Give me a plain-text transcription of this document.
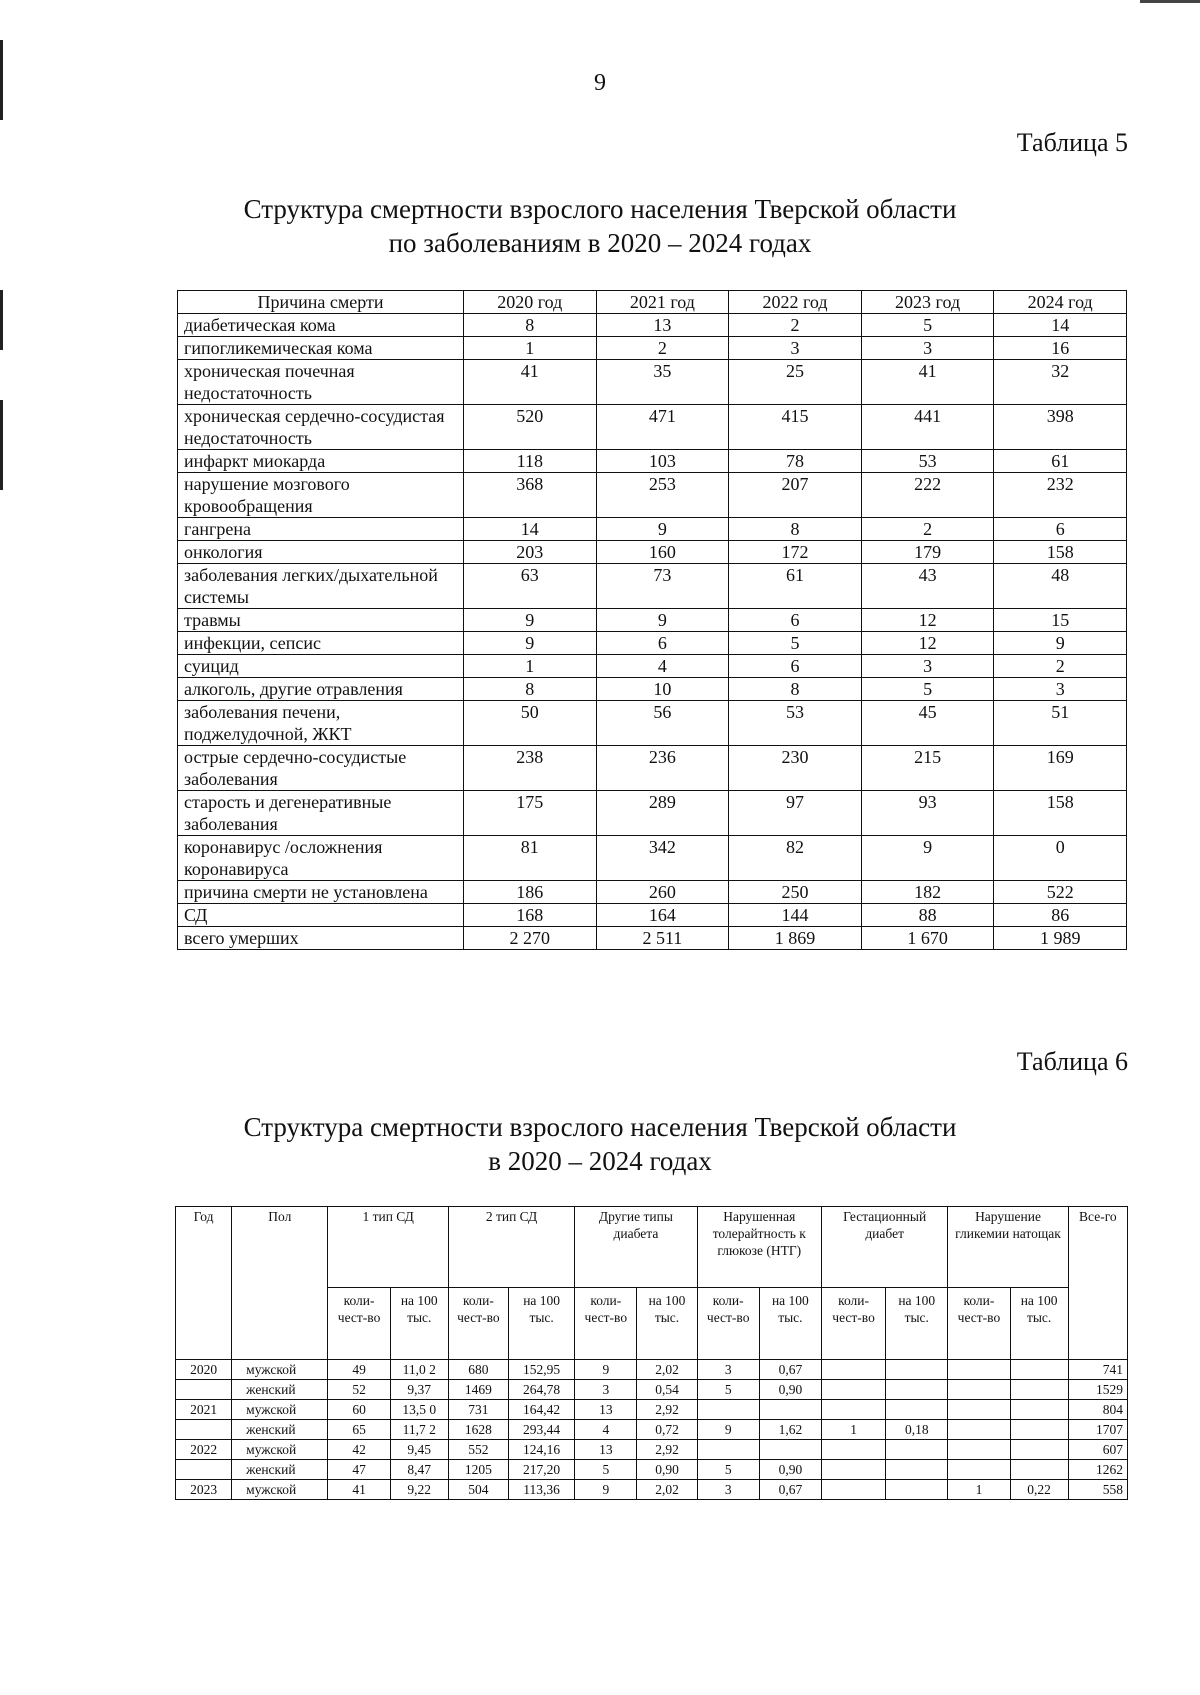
9
Таблица 5
Структура смертности взрослого населения Тверской области
по заболеваниям в 2020 – 2024 годах
Причина смерти	2020 год	2021 год	2022 год	2023 год	2024 год
диабетическая кома	8	13	2	5	14
гипогликемическая кома	1	2	3	3	16
хроническая почечная недостаточность	41	35	25	41	32
хроническая сердечно-сосудистая недостаточность	520	471	415	441	398
инфаркт миокарда	118	103	78	53	61
нарушение мозгового кровообращения	368	253	207	222	232
гангрена	14	9	8	2	6
онкология	203	160	172	179	158
заболевания легких/дыхательной системы	63	73	61	43	48
травмы	9	9	6	12	15
инфекции, сепсис	9	6	5	12	9
суицид	1	4	6	3	2
алкоголь, другие отравления	8	10	8	5	3
заболевания печени, поджелудочной, ЖКТ	50	56	53	45	51
острые сердечно-сосудистые заболевания	238	236	230	215	169
старость и дегенеративные заболевания	175	289	97	93	158
коронавирус /осложнения коронавируса	81	342	82	9	0
причина смерти не установлена	186	260	250	182	522
СД	168	164	144	88	86
всего умерших	2 270	2 511	1 869	1 670	1 989
Таблица 6
Структура смертности взрослого населения Тверской области
в 2020 – 2024 годах
Год	Пол	1 тип СД		2 тип СД		Другие типы диабета		Нарушенная толерайтность к глюкозе (НТГ)		Гестационный диабет		Нарушение гликемии натощак		Все-го
		коли-чест-во	на 100 тыс.	коли-чест-во	на 100 тыс.	коли-чест-во	на 100 тыс.	коли-чест-во	на 100 тыс.	коли-чест-во	на 100 тыс.	коли-чест-во	на 100 тыс.	
2020	мужской	49	11,0 2	680	152,95	9	2,02	3	0,67					741
	женский	52	9,37	1469	264,78	3	0,54	5	0,90					1529
2021	мужской	60	13,5 0	731	164,42	13	2,92							804
	женский	65	11,7 2	1628	293,44	4	0,72	9	1,62	1	0,18			1707
2022	мужской	42	9,45	552	124,16	13	2,92							607
	женский	47	8,47	1205	217,20	5	0,90	5	0,90					1262
2023	мужской	41	9,22	504	113,36	9	2,02	3	0,67			1	0,22	558
